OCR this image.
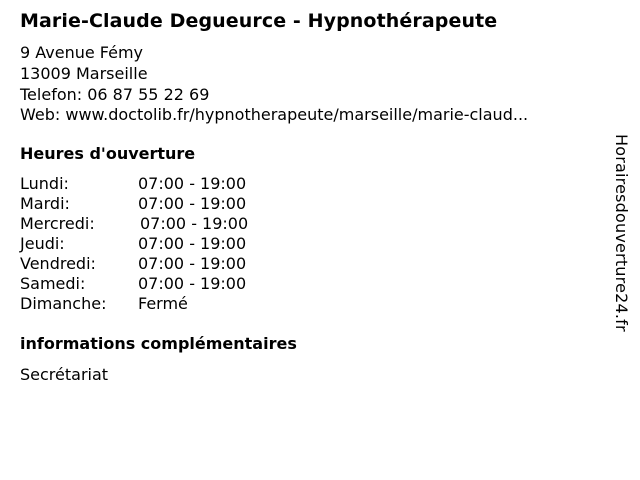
Marie-Claude Degueurce - Hypnothérapeute
9 Avenue Fémy
13009 Marseille
Telefon: 06 87 55 22 69
Web: www.doctolib.fr/hypnotherapeute/marseille/marie-claud...
Heures d'ouverture
Lundi:	07:00 - 19:00
Mardi:	07:00 - 19:00
Mercredi:	07:00 - 19:00
Jeudi:	07:00 - 19:00
Vendredi:	07:00 - 19:00
Samedi:	07:00 - 19:00
Dimanche: Fermé
informations complémentaires
Secrétariat
Horairesdouverture24.fr
